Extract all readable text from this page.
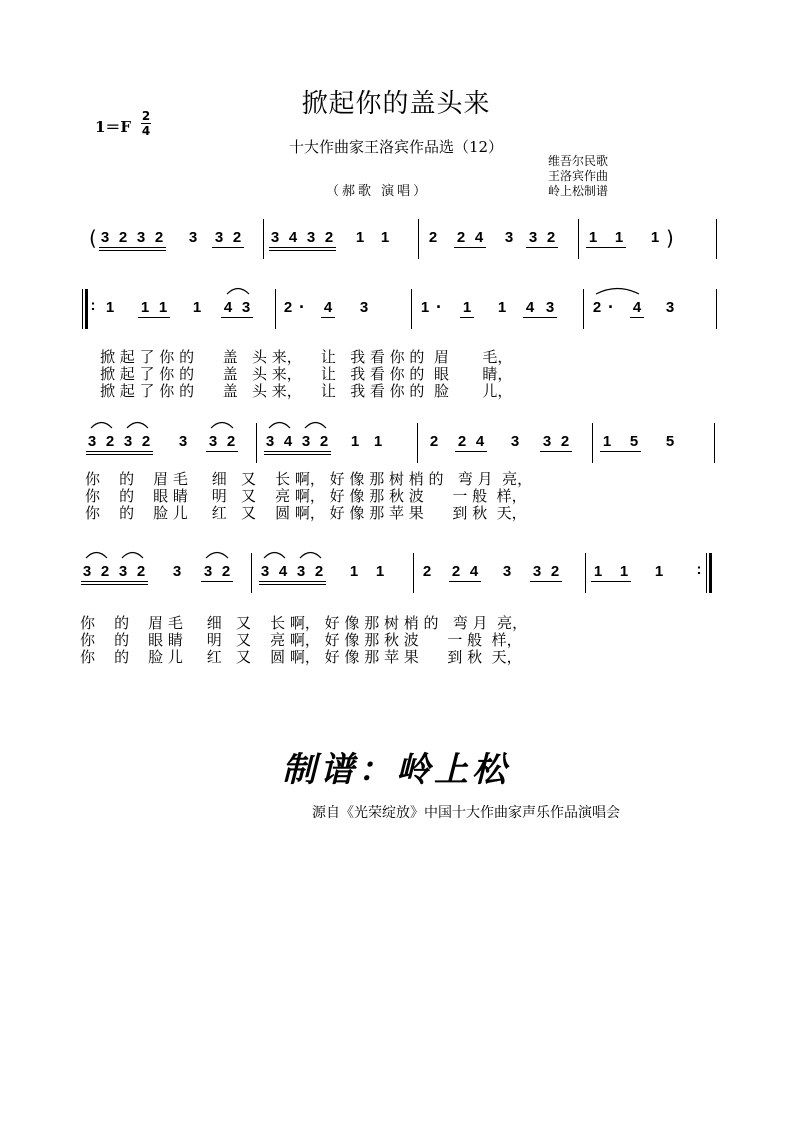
掀起你的盖头来
1＝F
2
4
十大作曲家王洛宾作品选（12）
维吾尔民歌
王洛宾作曲
岭上松制谱
（郝歌 演唱）
( 3 2 3 2 3 3 2 3 4 3 2 1 1	2 2 4 3 3 2 1 1 1 )
: 1 1 1 1 4 3 2 · 4 3	1 · 1 1 4 3	2 · 4 3
3 2 3 2 3 3 2 3 4 3 2 1 1	2 2 4 3 3 2 1 5 5
3 2 3 2 3 3 2 3 4 3 2 1 1	2 2 4 3 3 2 1 1 1 :
掀 起 了 你 的      盖   头 来，    让   我 看 你 的  眉       毛，
掀 起 了 你 的      盖   头 来，    让   我 看 你 的  眼       睛，
掀 起 了 你 的      盖   头 来，    让   我 看 你 的  脸       儿，
你    的    眉 毛     细   又    长 啊， 好 像 那 树 梢 的   弯 月  亮，
你    的    眼 睛     明   又    亮 啊， 好 像 那 秋 波      一 般  样，
你    的    脸 儿     红   又    圆 啊， 好 像 那 苹 果      到 秋  天，
你    的    眉 毛     细   又    长 啊， 好 像 那 树 梢 的   弯 月  亮，
你    的    眼 睛     明   又    亮 啊， 好 像 那 秋 波      一 般  样，
你    的    脸 儿     红   又    圆 啊， 好 像 那 苹 果      到 秋  天，
制谱：岭上松
源自《光荣绽放》中国十大作曲家声乐作品演唱会
